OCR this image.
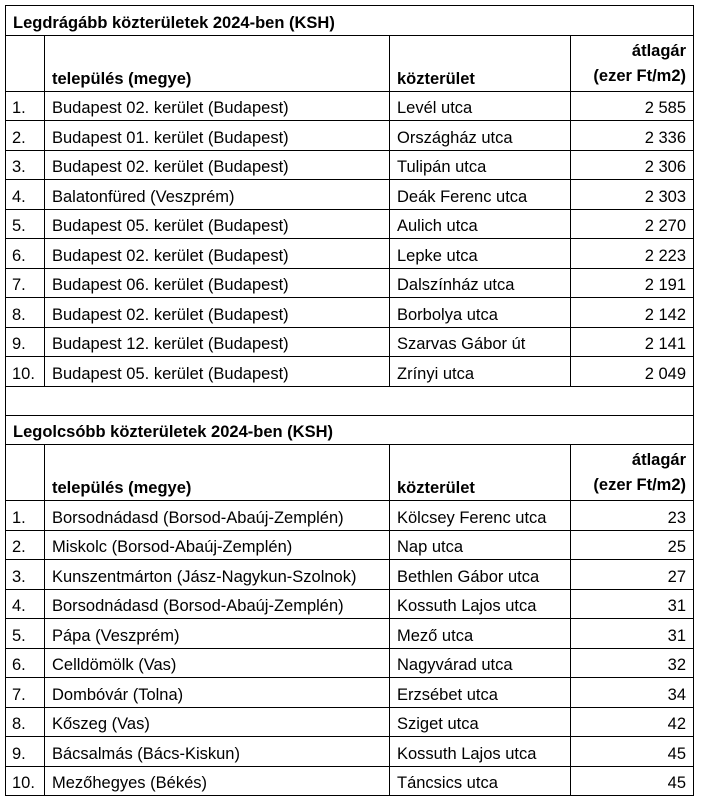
Legdrágább közterületek 2024-ben (KSH)			
	település (megye)	közterület	átlagár
(ezer Ft/m2)

1.	Budapest 02. kerület (Budapest)	Levél utca	2 585
2.	Budapest 01. kerület (Budapest)	Országház utca	2 336
3.	Budapest 02. kerület (Budapest)	Tulipán utca	2 306
4.	Balatonfüred (Veszprém)	Deák Ferenc utca	2 303
5.	Budapest 05. kerület (Budapest)	Aulich utca	2 270
6.	Budapest 02. kerület (Budapest)	Lepke utca	2 223
7.	Budapest 06. kerület (Budapest)	Dalszínház utca	2 191
8.	Budapest 02. kerület (Budapest)	Borbolya utca	2 142
9.	Budapest 12. kerület (Budapest)	Szarvas Gábor út	2 141
10.	Budapest 05. kerület (Budapest)	Zrínyi utca	2 049

Legolcsóbb közterületek 2024-ben (KSH)			
	település (megye)	közterület	átlagár
(ezer Ft/m2)

1.	Borsodnádasd (Borsod-Abaúj-Zemplén)	Kölcsey Ferenc utca	23
2.	Miskolc (Borsod-Abaúj-Zemplén)	Nap utca	25
3.	Kunszentmárton (Jász-Nagykun-Szolnok)	Bethlen Gábor utca	27
4.	Borsodnádasd (Borsod-Abaúj-Zemplén)	Kossuth Lajos utca	31
5.	Pápa (Veszprém)	Mező utca	31
6.	Celldömölk (Vas)	Nagyvárad utca	32
7.	Dombóvár (Tolna)	Erzsébet utca	34
8.	Kőszeg (Vas)	Sziget utca	42
9.	Bácsalmás (Bács-Kiskun)	Kossuth Lajos utca	45
10.	Mezőhegyes (Békés)	Táncsics utca	45
